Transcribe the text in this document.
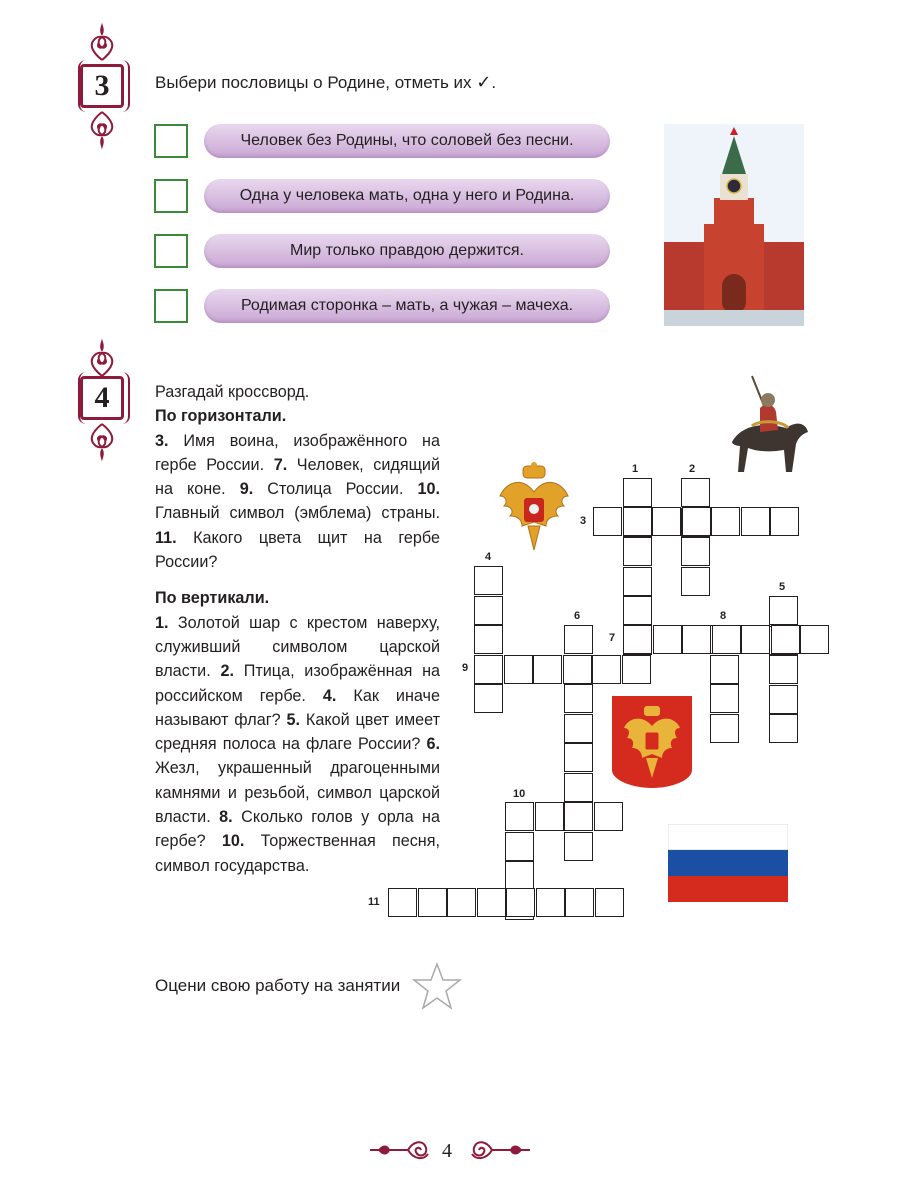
3	Выбери пословицы о Родине, отметь их ✓.
Человек без Родины, что соловей без песни.
Одна у человека мать, одна у него и Родина.
Мир только правдою держится.
Родимая сторонка – мать, а чужая – мачеха.
4	Разгадай кроссворд.
По горизонтали.
3. Имя воина, изображённого на гербе России. 7. Человек, сидящий на коне. 9. Столица России. 10. Главный символ (эмблема) страны. 11. Какого цвета щит на гербе России?
По вертикали.
1. Золотой шар с крестом наверху, служивший символом царской власти. 2. Птица, изображённая на российском гербе. 4. Как иначе называют флаг? 5. Какой цвет имеет средняя полоса на флаге России? 6. Жезл, украшенный драгоценными камнями и резьбой, символ царской власти. 8. Сколько голов у орла на гербе? 10. Торжественная песня, символ государства.
1	2
3
4
5
6
7
8
9
10
11
Оцени свою работу на занятии
4
